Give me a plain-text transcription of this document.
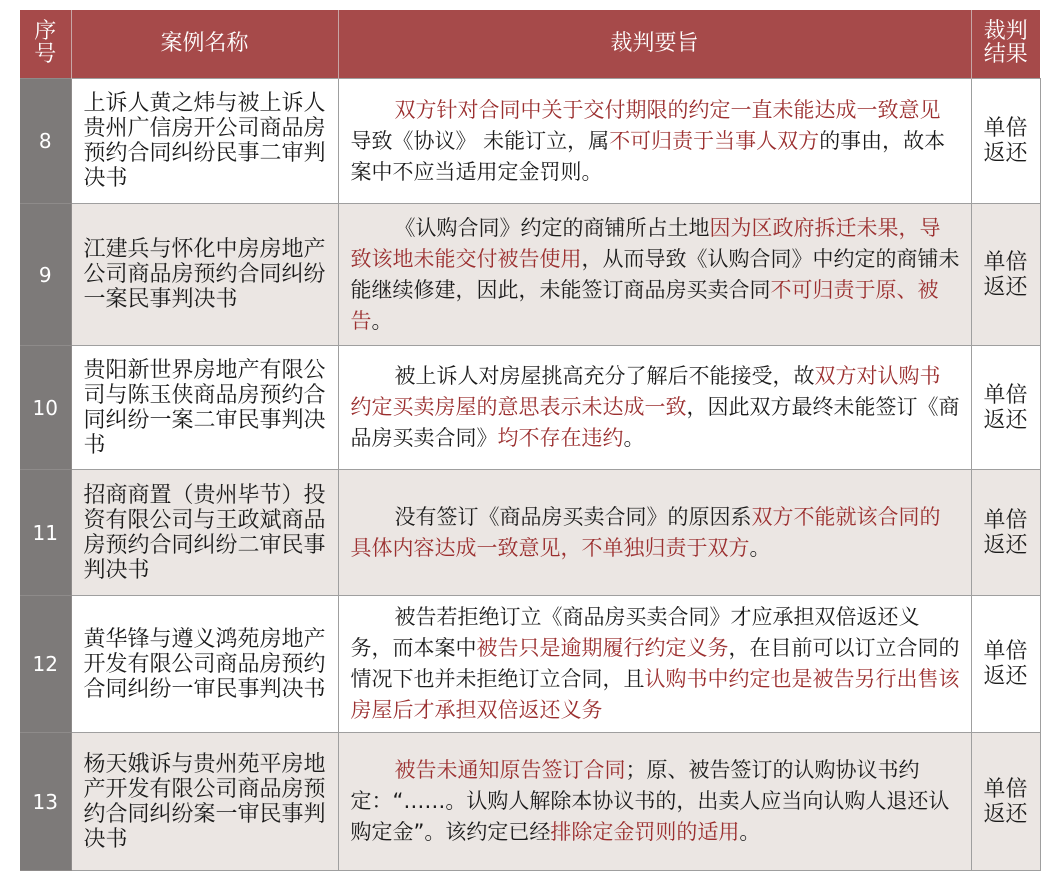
序号	案例名称	裁判要旨	裁判结果
8	上诉人黄之炜与被上诉人贵州广信房开公司商品房预约合同纠纷民事二审判决书	双方针对合同中关于交付期限的约定一直未能达成一致意见导致《协议》 未能订立，属不可归责于当事人双方的事由，故本案中不应当适用定金罚则。	单倍返还
9	江建兵与怀化中房房地产公司商品房预约合同纠纷一案民事判决书	《认购合同》约定的商铺所占土地因为区政府拆迁未果，导致该地未能交付被告使用，从而导致《认购合同》中约定的商铺未能继续修建，因此，未能签订商品房买卖合同不可归责于原、被告。	单倍返还
10	贵阳新世界房地产有限公司与陈玉侠商品房预约合同纠纷一案二审民事判决书	被上诉人对房屋挑高充分了解后不能接受，故双方对认购书约定买卖房屋的意思表示未达成一致，因此双方最终未能签订《商品房买卖合同》均不存在违约。	单倍返还
11	招商商置（贵州毕节）投资有限公司与王政斌商品房预约合同纠纷二审民事判决书	没有签订《商品房买卖合同》的原因系双方不能就该合同的具体内容达成一致意见，不单独归责于双方。	单倍返还
12	黄华锋与遵义鸿苑房地产开发有限公司商品房预约合同纠纷一审民事判决书	被告若拒绝订立《商品房买卖合同》才应承担双倍返还义务，而本案中被告只是逾期履行约定义务，在目前可以订立合同的情况下也并未拒绝订立合同，且认购书中约定也是被告另行出售该房屋后才承担双倍返还义务	单倍返还
13	杨天娥诉与贵州苑平房地产开发有限公司商品房预约合同纠纷案一审民事判决书	被告未通知原告签订合同；原、被告签订的认购协议书约定：“……。认购人解除本协议书的，出卖人应当向认购人退还认购定金”。该约定已经排除定金罚则的适用。	单倍返还
